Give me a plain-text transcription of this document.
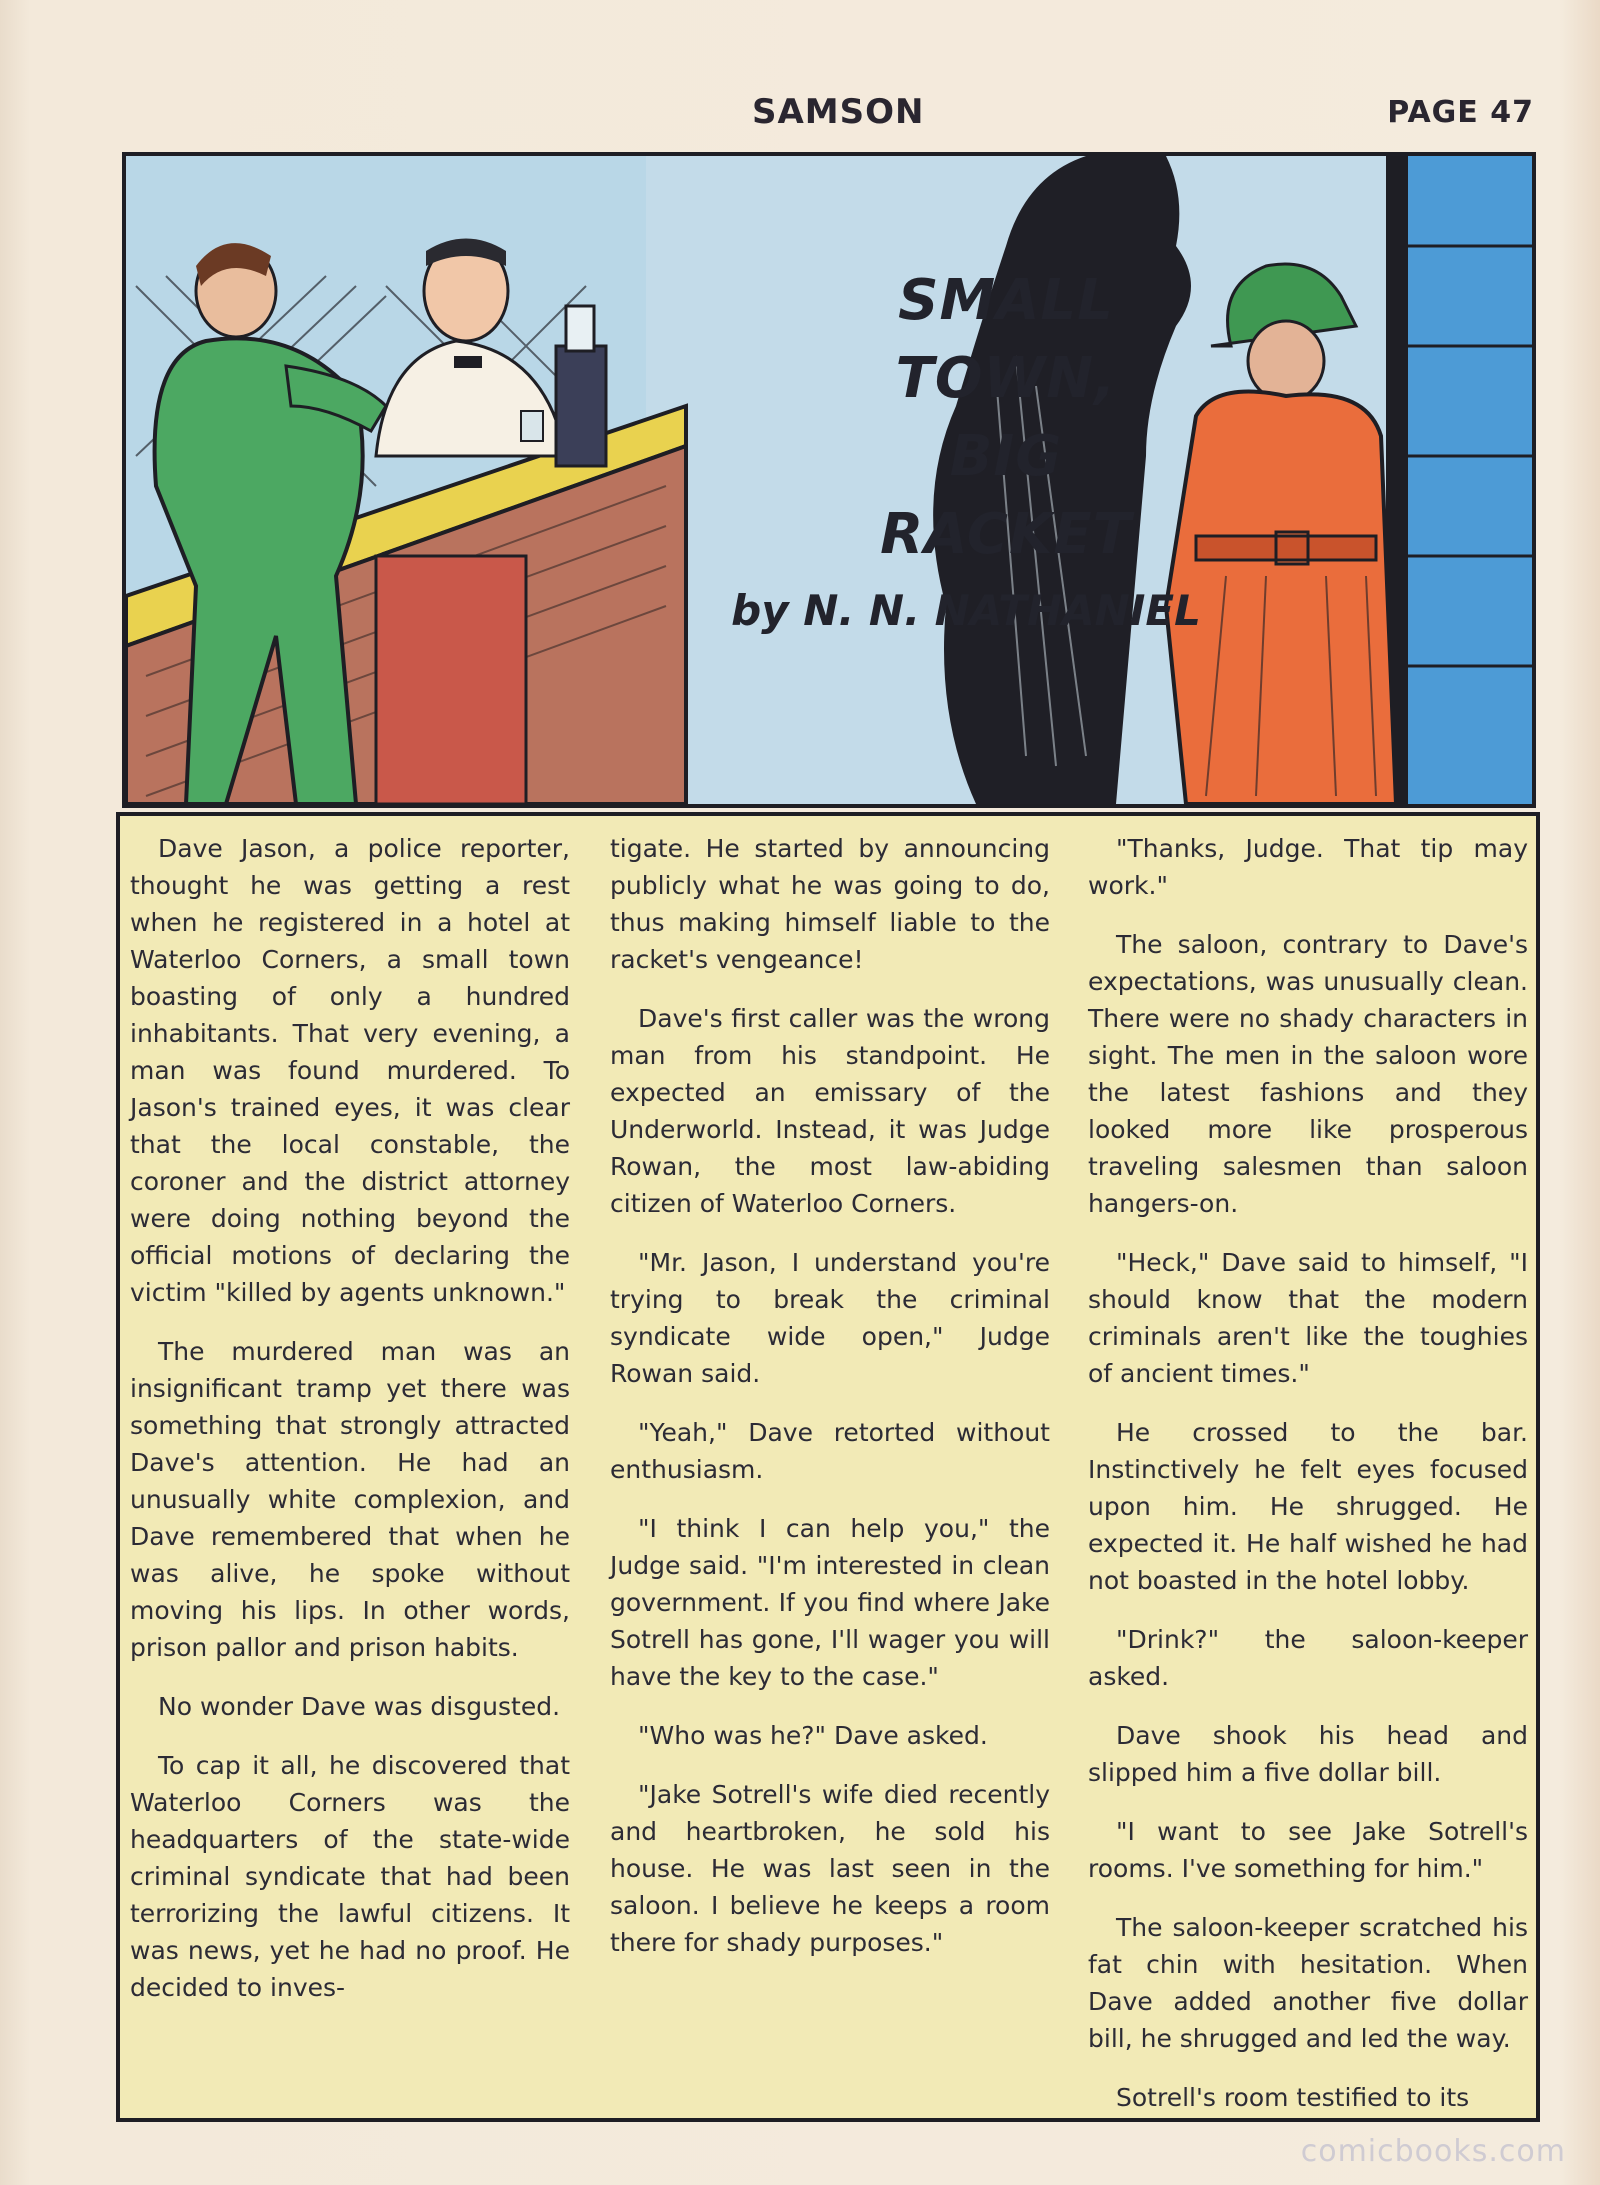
SAMSON	PAGE 47
SMALL
TOWN,
BIG
RACKET
by N. N. NATHANIEL

Dave Jason, a police reporter, thought he was getting a rest when he registered in a hotel at Waterloo Corners, a small town boasting of only a hundred inhabitants. That very evening, a man was found murdered. To Jason's trained eyes, it was clear that the local constable, the coroner and the district attorney were doing nothing beyond the official motions of declaring the victim "killed by agents unknown."

The murdered man was an insignificant tramp yet there was something that strongly attracted Dave's attention. He had an unusually white complexion, and Dave remembered that when he was alive, he spoke without moving his lips. In other words, prison pallor and prison habits.

No wonder Dave was disgusted.

To cap it all, he discovered that Waterloo Corners was the headquarters of the state-wide criminal syndicate that had been terrorizing the lawful citizens. It was news, yet he had no proof. He decided to inves-

tigate. He started by announcing publicly what he was going to do, thus making himself liable to the racket's vengeance!

Dave's first caller was the wrong man from his standpoint. He expected an emissary of the Underworld. Instead, it was Judge Rowan, the most law-abiding citizen of Waterloo Corners.

"Mr. Jason, I understand you're trying to break the criminal syndicate wide open," Judge Rowan said.

"Yeah," Dave retorted without enthusiasm.

"I think I can help you," the Judge said. "I'm interested in clean government. If you find where Jake Sotrell has gone, I'll wager you will have the key to the case."

"Who was he?" Dave asked.

"Jake Sotrell's wife died recently and heartbroken, he sold his house. He was last seen in the saloon. I believe he keeps a room there for shady purposes."

"Thanks, Judge. That tip may work."

The saloon, contrary to Dave's expectations, was unusually clean. There were no shady characters in sight. The men in the saloon wore the latest fashions and they looked more like prosperous traveling salesmen than saloon hangers-on.

"Heck," Dave said to himself, "I should know that the modern criminals aren't like the toughies of ancient times."

He crossed to the bar. Instinctively he felt eyes focused upon him. He shrugged. He expected it. He half wished he had not boasted in the hotel lobby.

"Drink?" the saloon-keeper asked.

Dave shook his head and slipped him a five dollar bill.

"I want to see Jake Sotrell's rooms. I've something for him."

The saloon-keeper scratched his fat chin with hesitation. When Dave added another five dollar bill, he shrugged and led the way.

Sotrell's room testified to its

comicbooks.com
